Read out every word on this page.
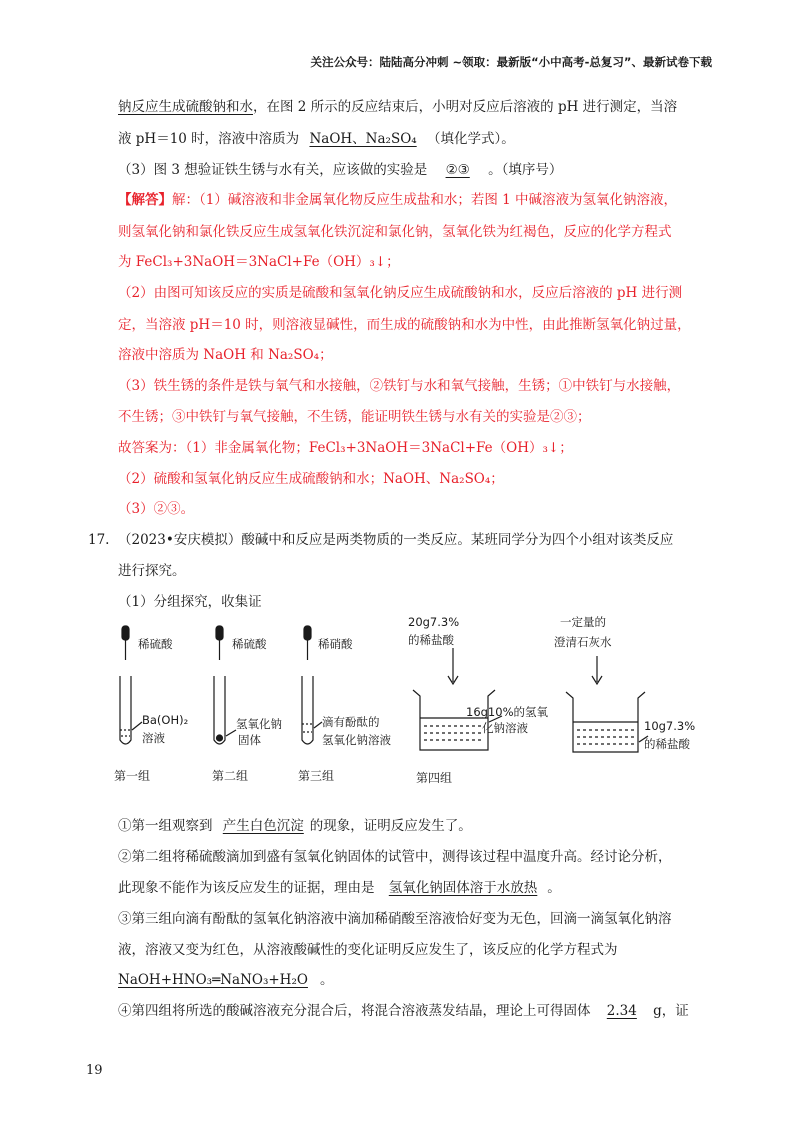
关注公众号：陆陆高分冲刺 ~领取：最新版“小中高考-总复习”、最新试卷下载
钠反应生成硫酸钠和水，在图 2 所示的反应结束后，小明对反应后溶液的 pH 进行测定，当溶
液 pH＝10 时，溶液中溶质为 NaOH、Na₂SO₄ （填化学式）。
（3）图 3 想验证铁生锈与水有关，应该做的实验是 ②③ 。（填序号）
【解答】解：（1）碱溶液和非金属氧化物反应生成盐和水；若图 1 中碱溶液为氢氧化钠溶液，
则氢氧化钠和氯化铁反应生成氢氧化铁沉淀和氯化钠，氢氧化铁为红褐色，反应的化学方程式
为 FeCl₃+3NaOH＝3NaCl+Fe（OH）₃↓；
（2）由图可知该反应的实质是硫酸和氢氧化钠反应生成硫酸钠和水，反应后溶液的 pH 进行测
定，当溶液 pH＝10 时，则溶液显碱性，而生成的硫酸钠和水为中性，由此推断氢氧化钠过量，
溶液中溶质为 NaOH 和 Na₂SO₄；
（3）铁生锈的条件是铁与氧气和水接触，②铁钉与水和氧气接触，生锈；①中铁钉与水接触，
不生锈；③中铁钉与氧气接触，不生锈，能证明铁生锈与水有关的实验是②③；
故答案为：（1）非金属氧化物；FeCl₃+3NaOH＝3NaCl+Fe（OH）₃↓；
（2）硫酸和氢氧化钠反应生成硫酸钠和水；NaOH、Na₂SO₄；
（3）②③。
17. （2023•安庆模拟）酸碱中和反应是两类物质的一类反应。某班同学分为四个小组对该类反应
进行探究。
（1）分组探究，收集证
稀硫酸
Ba(OH)₂
溶液
第一组
稀硫酸
氢氧化钠
固体
第二组
稀硝酸
滴有酚酞的
氢氧化钠溶液
第三组
20g7.3%
的稀盐酸
16g10%的氢氧
化钠溶液
第四组
一定量的
澄清石灰水
10g7.3%
的稀盐酸
①第一组观察到 产生白色沉淀 的现象，证明反应发生了。
②第二组将稀硫酸滴加到盛有氢氧化钠固体的试管中，测得该过程中温度升高。经讨论分析，
此现象不能作为该反应发生的证据，理由是 氢氧化钠固体溶于水放热 。
③第三组向滴有酚酞的氢氧化钠溶液中滴加稀硝酸至溶液恰好变为无色，回滴一滴氢氧化钠溶
液，溶液又变为红色，从溶液酸碱性的变化证明反应发生了，该反应的化学方程式为
NaOH+HNO₃═NaNO₃+H₂O 。
④第四组将所选的酸碱溶液充分混合后，将混合溶液蒸发结晶，理论上可得固体 2.34 g，证
19
